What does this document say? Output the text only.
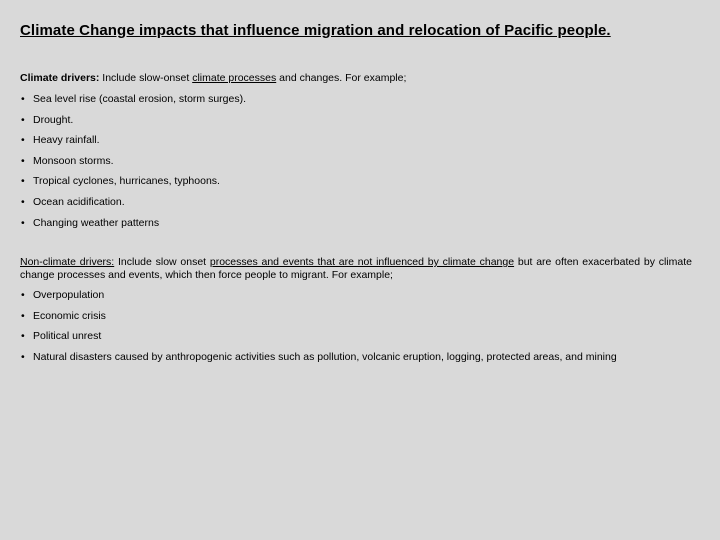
Climate Change impacts that influence migration and relocation of Pacific people.

Climate drivers: Include slow-onset climate processes and changes. For example;

• Sea level rise (coastal erosion, storm surges).
• Drought.
• Heavy rainfall.
• Monsoon storms.
• Tropical cyclones, hurricanes, typhoons.
• Ocean acidification.
• Changing weather patterns

Non-climate drivers: Include slow onset processes and events that are not influenced by climate change but are often exacerbated by climate change processes and events, which then force people to migrant. For example;

• Overpopulation
• Economic crisis
• Political unrest
• Natural disasters caused by anthropogenic activities such as pollution, volcanic eruption, logging, protected areas, and mining
